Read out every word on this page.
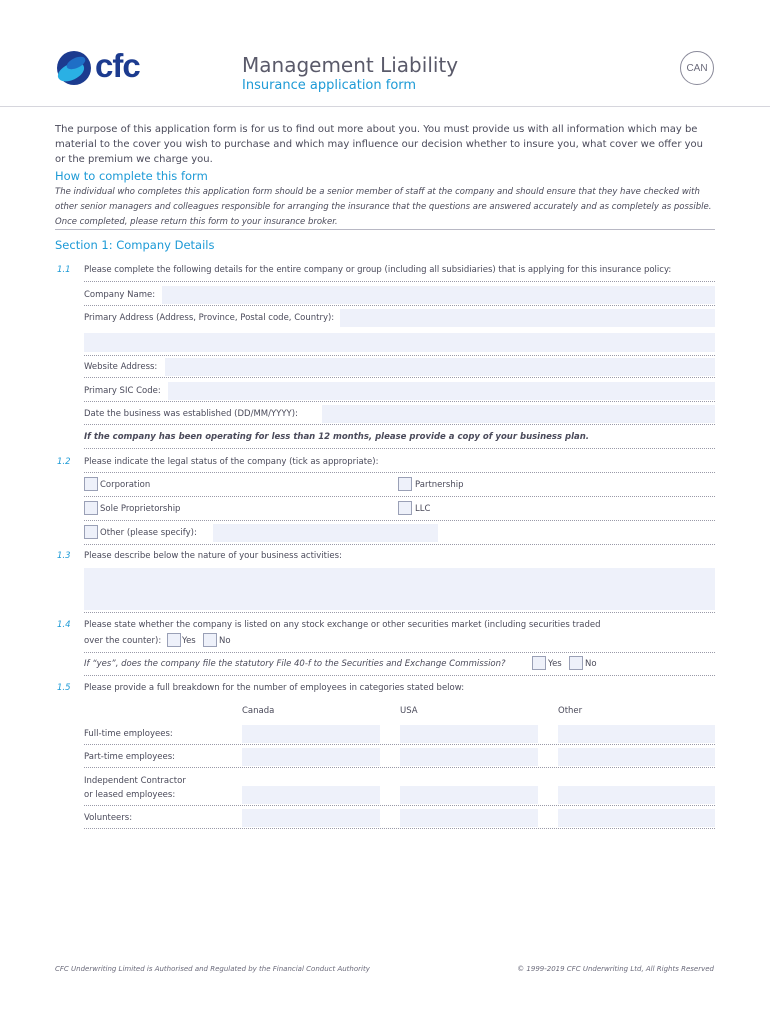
cfc	Management Liability
Insurance application form
CAN
The purpose of this application form is for us to find out more about you. You must provide us with all information which may be material to the cover you wish to purchase and which may influence our decision whether to insure you, what cover we offer you or the premium we charge you.
How to complete this form
The individual who completes this application form should be a senior member of staff at the company and should ensure that they have checked with other senior managers and colleagues responsible for arranging the insurance that the questions are answered accurately and as completely as possible. Once completed, please return this form to your insurance broker.
Section 1: Company Details
1.1 Please complete the following details for the entire company or group (including all subsidiaries) that is applying for this insurance policy:
Company Name:
Primary Address (Address, Province, Postal code, Country):
Website Address:
Primary SIC Code:
Date the business was established (DD/MM/YYYY):
If the company has been operating for less than 12 months, please provide a copy of your business plan.
1.2 Please indicate the legal status of the company (tick as appropriate):
Corporation	Partnership
Sole Proprietorship	LLC
Other (please specify):
1.3 Please describe below the nature of your business activities:
1.4 Please state whether the company is listed on any stock exchange or other securities market (including securities traded
over the counter): Yes	No
If “yes”, does the company file the statutory File 40-f to the Securities and Exchange Commission?	Yes	No
1.5 Please provide a full breakdown for the number of employees in categories stated below:
Canada	USA	Other
Full-time employees:
Part-time employees:
Independent Contractor
or leased employees:
Volunteers:
CFC Underwriting Limited is Authorised and Regulated by the Financial Conduct Authority	© 1999-2019 CFC Underwriting Ltd, All Rights Reserved
